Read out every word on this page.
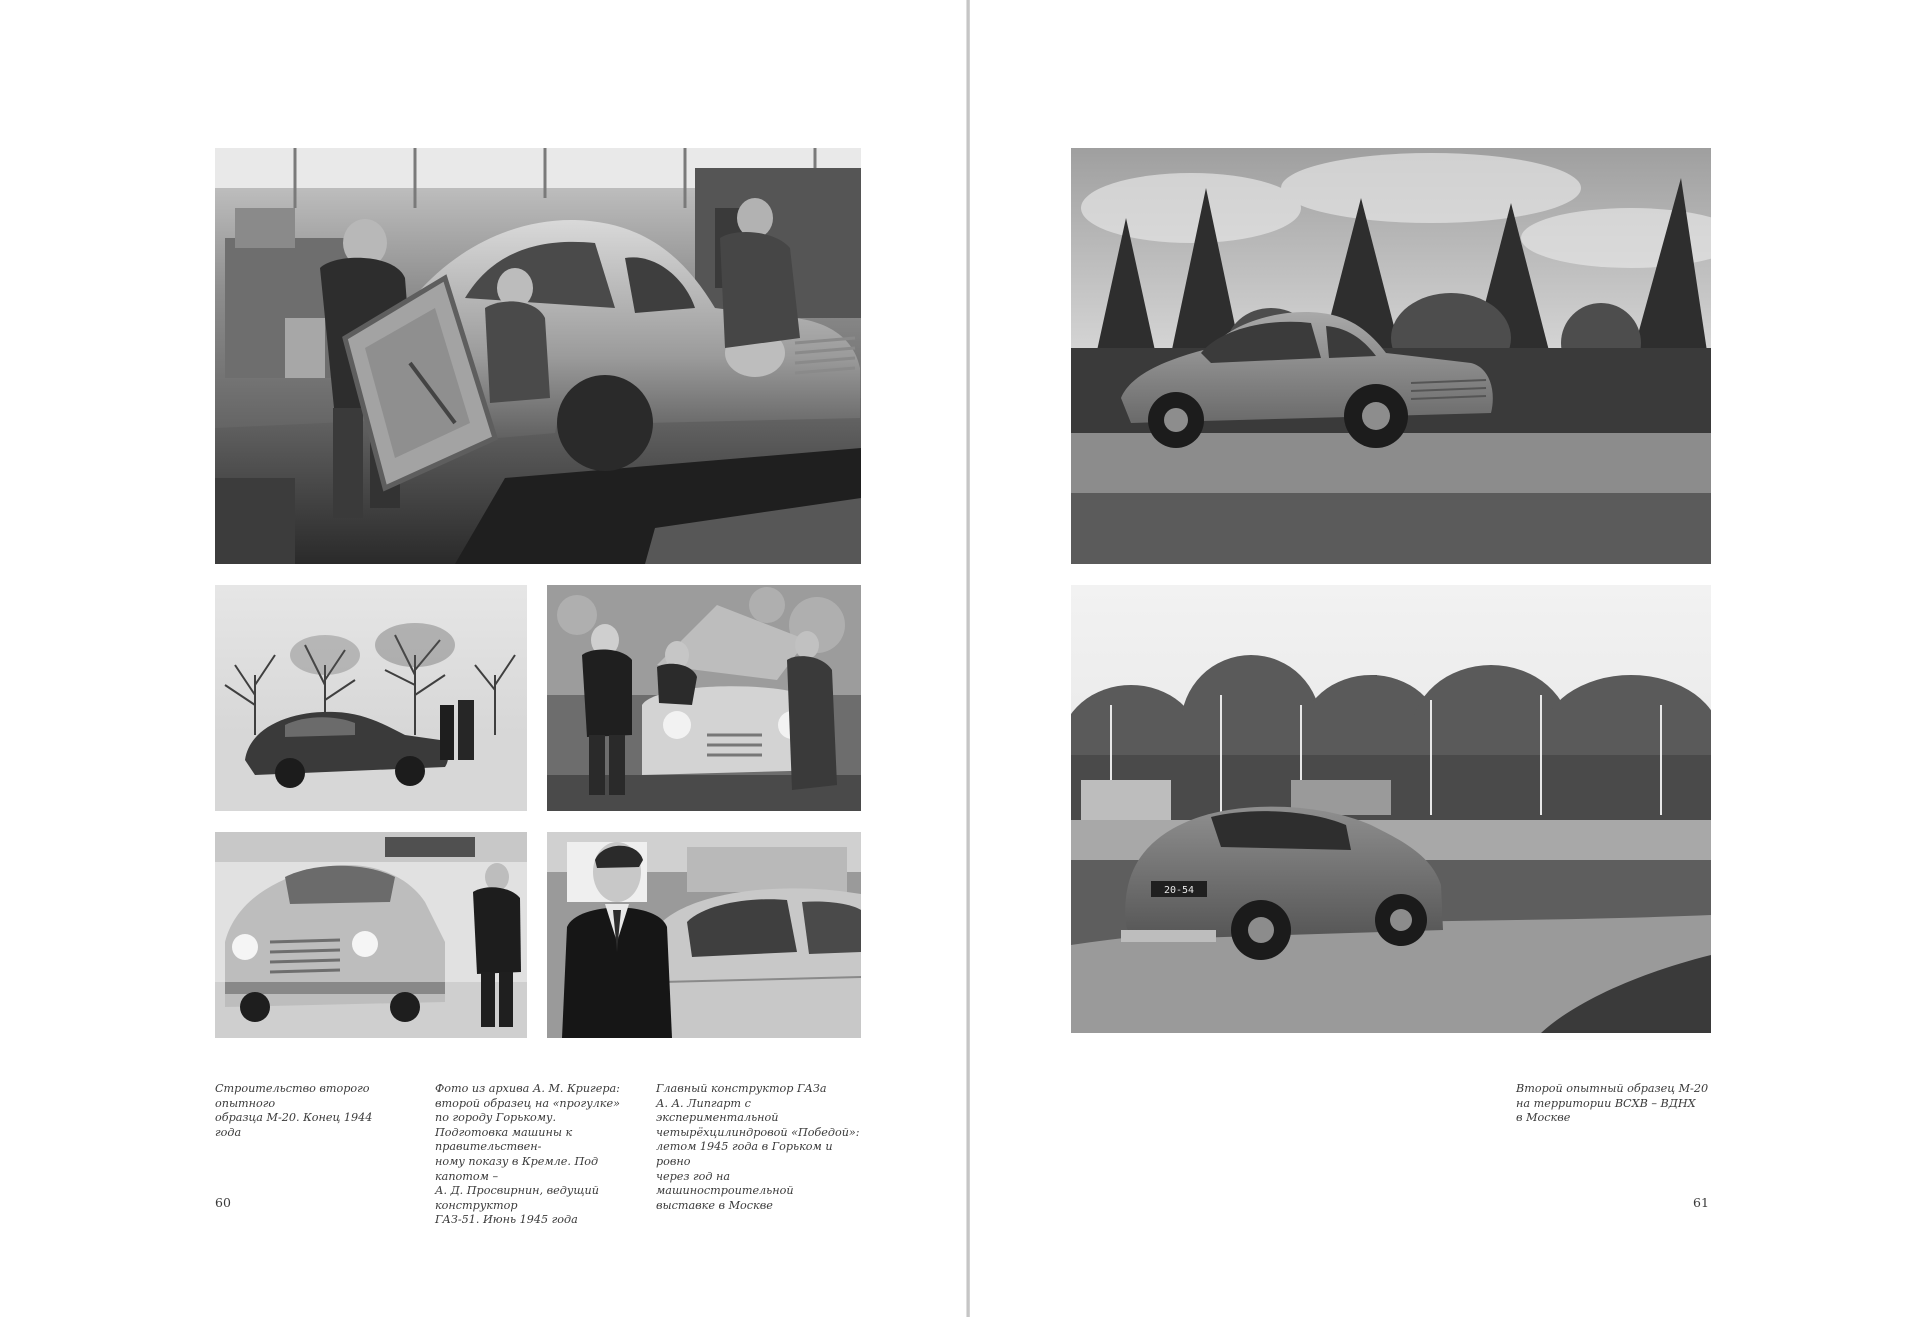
Строительство второго опытного
образца М-20. Конец 1944 года
Фото из архива А. М. Кригера:
второй образец на «прогулке»
по городу Горькому.
Подготовка машины к правительствен-
ному показу в Кремле. Под капотом –
А. Д. Просвирнин, ведущий конструктор
ГАЗ-51. Июнь 1945 года
Главный конструктор ГАЗа
А. А. Липгарт с экспериментальной
четырёхцилиндровой «Победой»:
летом 1945 года в Горьком и ровно
через год на машиностроительной
выставке в Москве
60
20-54
Второй опытный образец М-20
на территории ВСХВ – ВДНХ
в Москве
61
